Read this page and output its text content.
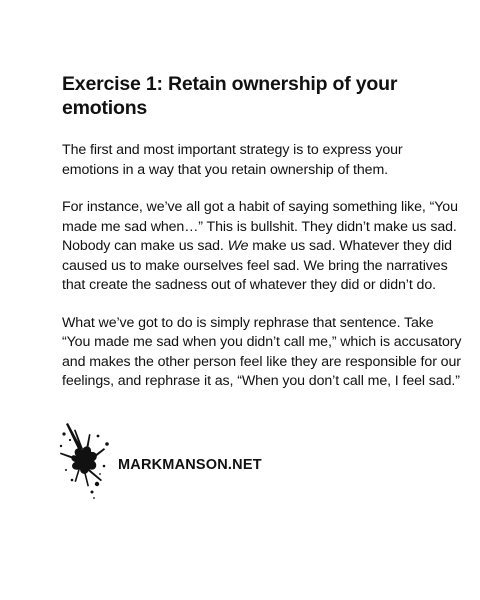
Exercise 1: Retain ownership of your emotions

The first and most important strategy is to express your emotions in a way that you retain ownership of them.

For instance, we’ve all got a habit of saying something like, “You made me sad when…” This is bullshit. They didn’t make us sad. Nobody can make us sad. We make us sad. Whatever they did caused us to make ourselves feel sad. We bring the narratives that create the sadness out of whatever they did or didn’t do.

What we’ve got to do is simply rephrase that sentence. Take “You made me sad when you didn’t call me,” which is accusatory and makes the other person feel like they are responsible for our feelings, and rephrase it as, “When you don’t call me, I feel sad.”

MARKMANSON.NET
